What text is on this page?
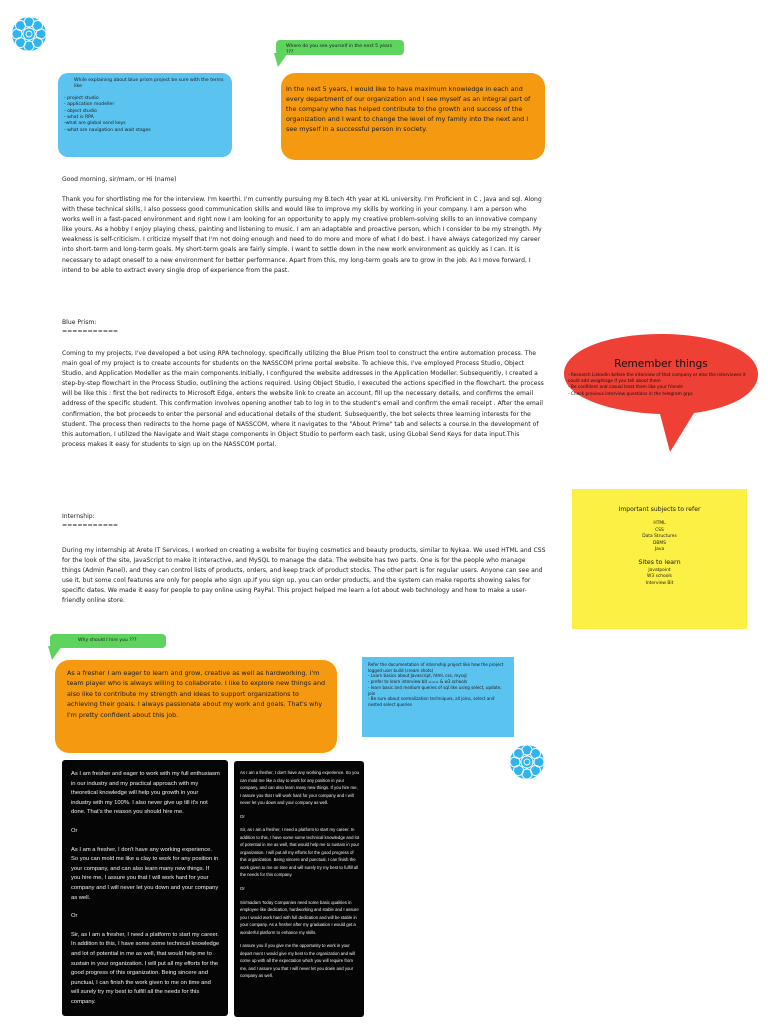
While explaining about blue prism project be sure with the terms like
- project studio
- application modeller
- object studio
- what is RPA
-what are global send keys
- what are navigation and wait stages
Where do you see yourself in the next 5 years ???
In the next 5 years, I would like to have maximum knowledge in each and every department of our organization and I see myself as an integral part of the company who has helped contribute to the growth and success of the organization and I want to change the level of my family into the next and I see myself in a successful person in society.
Good morning, sir/mam, or Hi (name)
Thank you for shortlisting me for the interview. I'm keerthi. I'm currently pursuing my B.tech 4th year at KL university. I'm Proficient in C , Java and sql. Along with these technical skills, I also possess good communication skills and would like to improve my skills by working in your company. I am a person who works well in a fast-paced environment and right now I am looking for an opportunity to apply my creative problem-solving skills to an innovative company like yours. As a hobby I enjoy playing chess, painting and listening to music. I am an adaptable and proactive person, which I consider to be my strength. My weakness is self-criticism. I criticize myself that I'm not doing enough and need to do more and more of what I do best. I have always categorized my career into short-term and long-term goals. My short-term goals are fairly simple. I want to settle down in the new work environment as quickly as I can. It is necessary to adapt oneself to a new environment for better performance. Apart from this, my long-term goals are to grow in the job. As I move forward, I intend to be able to extract every single drop of experience from the past.
Blue Prism:
===========
Coming to my projects, I've developed a bot using RPA technology, specifically utilizing the Blue Prism tool to construct the entire automation process. The main goal of my project is to create accounts for students on the NASSCOM prime portal website. To achieve this, I've employed Process Studio, Object Studio, and Application Modeller as the main components.Initially, I configured the website addresses in the Application Modeller. Subsequently, I created a step-by-step flowchart in the Process Studio, outlining the actions required. Using Object Studio, I executed the actions specified in the flowchart. the process will be like this : first the bot redirects to Microsoft Edge, enters the website link to create an account, fill up the necessary details, and confirms the email address of the specific student. This confirmation involves opening another tab to log in to the student's email and confirm the email receipt . After the email confirmation, the bot proceeds to enter the personal and educational details of the student. Subsequently, the bot selects three learning interests for the student. The process then redirects to the home page of NASSCOM, where it navigates to the "About Prime" tab and selects a course.In the development of this automation, I utilized the Navigate and Wait stage components in Object Studio to perform each task, using GLobal Send Keys for data input.This process makes it easy for students to sign up on the NASSCOM portal.
Internship:
===========
During my internship at Arete IT Services, I worked on creating a website for buying cosmetics and beauty products, similar to Nykaa. We used HTML and CSS for the look of the site, JavaScript to make it interactive, and MySQL to manage the data. The website has two parts. One is for the people who manage things (Admin Panel), and they can control lists of products, orders, and keep track of product stocks. The other part is for regular users. Anyone can see and use it, but some cool features are only for people who sign up.If you sign up, you can order products, and the system can make reports showing sales for specific dates. We made it easy for people to pay online using PayPal. This project helped me learn a lot about web technology and how to make a user-friendly online store.
Remember things
- Research LinkedIn before the interview of that company or else the interviewer it could add weightage if you tell about them
- Be confident and casual treat them like your friends
- Check previous interview questions in the telegram grps
Important subjects to refer
HTML
CSS
Data Structures
DBMS
Java
Sites to learn
Javatpoint
W3 schools
Interview Bit
Why should I hire you ???
As a fresher I am eager to learn and grow, creative as well as hardworking. I'm team player who is always willing to collaborate. I like to explore new things and also like to contribute my strength and ideas to support organizations to achieving their goals. I always passionate about my work and goals. That's why I'm pretty confident about this job.
Refer the documentation of internship project like how the project logged user build (cream shots)
- Learn basics about Javascript, html, css, mysql
- prefer to learn interview bit === & w3 schools
- learn basic and medium queries of sql like using select, update, join
- Be sure about normalization techniques, all joins, select and nested select queries

As I am fresher and eager to work with my full enthusiasm in our industry and my practical approach with my theoretical knowledge will help you growth in your industry with my 100%. I also never give up till it's not done. That's the reason you should hire me.

Or

As I am a fresher, I don't have any working experience. So you can mold me like a clay to work for any position in your company, and can also learn many new things. If you hire me, I assure you that I will work hard for your company and I will never let you down and your company as well.

Or

Sir, as I am a fresher, I need a platform to start my career. In addition to this, I have some some technical knowledge and lot of potential in me as well, that would help me to sustain in your organization. I will put all my efforts for the good progress of this organization. Being sincere and punctual, I can finish the work given to me on time and will surely try my best to fulfill all the needs for this company.

As I am a fresher, I don't have any working experience. So you can mold me like a clay to work for any position in your company, and can also learn many new things. If you hire me, I assure you that I will work hard for your company and I will never let you down and your company as well.

Or

Sir, as I am a fresher, I need a platform to start my career. In addition to this, I have some some technical knowledge and lot of potential in me as well, that would help me to sustain in your organization. I will put all my efforts for the good progress of this organization. Being sincere and punctual, I can finish the work given to me on time and will surely try my best to fulfill all the needs for this company.

Or

Sir/madam Today Companies need some basic qualities in employee like dedication, hardworking and stable and I assure you I would work hard with full dedication and will be stable in your company. As a fresher after my graduation I would get a wonderful platform to enhance my skills.

I assure you if you give me the opportunity to work in your depart ment I would give my best to the organization and will come up with all the expectation which you will require from me, and I assure you that I will never let you down and your company as well.
